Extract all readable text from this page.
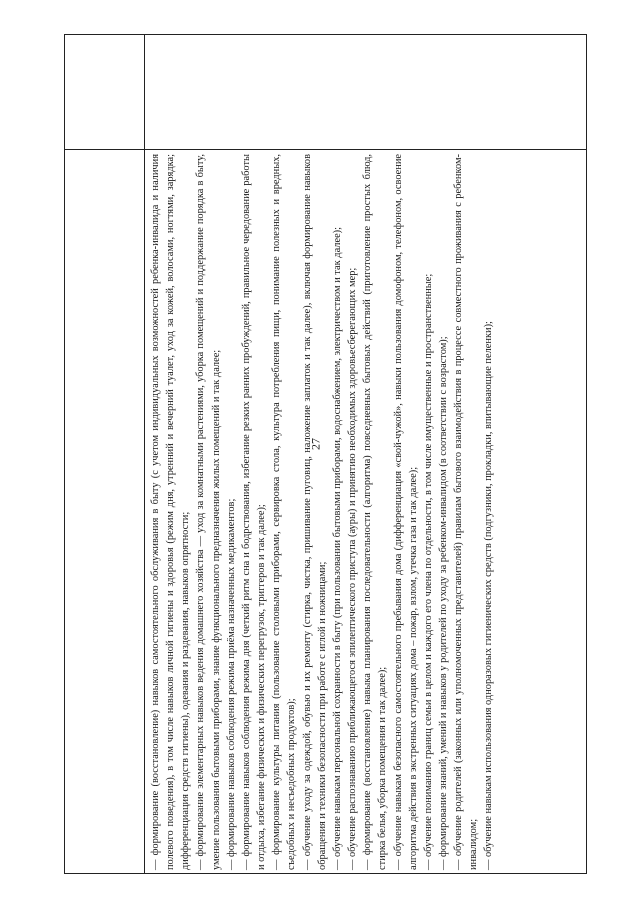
27

— формирование (восстановление) навыков самостоятельного обслуживания в быту (с учетом индивидуальных возможностей ребенка-инвалида и наличия полевого поведения), в том числе навыков личной гигиены и здоровья (режим дня, утренний и вечерний туалет, уход за кожей, волосами, ногтями, зарядка; дифференциация средств гигиены), одевания и раздевания, навыков опрятности; — формирование элементарных навыков ведения домашнего хозяйства — уход за комнатными растениями, уборка помещений и поддержание порядка в быту, умение пользования бытовыми приборами, знание функционального предназначения жилых помещений и так далее; — формирование навыков соблюдения режима приёма назначенных медикаментов; — формирование навыков соблюдения режима дня (четкий ритм сна и бодрствования, избегание резких ранних пробуждений, правильное чередование работы и отдыха, избегание физических и физических перегрузок, триггеров и так далее); — формирование культуры питания (пользование столовыми приборами, сервировка стола, культура потребления пищи, понимание полезных и вредных, съедобных и несъедобных продуктов); — обучение уходу за одеждой, обувью и их ремонту (стирка, чистка, пришивание пуговиц, наложение заплаток и так далее), включая формирование навыков обращения и техники безопасности при работе с иглой и ножницами; — обучение навыкам персональной сохранности в быту (при пользовании бытовыми приборами, водоснабжением, электричеством и так далее); — обучение распознаванию приближающегося эпилептического приступа (ауры) и принятию необходимых здоровьесберегающих мер; — формирование (восстановление) навыка планирования последовательности (алгоритма) повседневных бытовых действий (приготовление простых блюд, стирка белья, уборка помещения и так далее); — обучение навыкам безопасного самостоятельного пребывания дома (дифференциация «свой-чужой», навыки пользования домофоном, телефоном, освоение алгоритма действия в экстренных ситуациях дома – пожар, взлом, утечка газа и так далее); — обучение пониманию границ семьи в целом и каждого его члена по отдельности, в том числе имущественные и пространственные; — формирование знаний, умений и навыков у родителей по уходу за ребенком-инвалидом (в соответствии с возрастом); — обучение родителей (законных или уполномоченных представителей) правилам бытового взаимодействия в процессе совместного проживания с ребенком-инвалидом; — обучение навыкам использования одноразовых гигиенических средств (подгузники, прокладки, впитывающие пеленки);
